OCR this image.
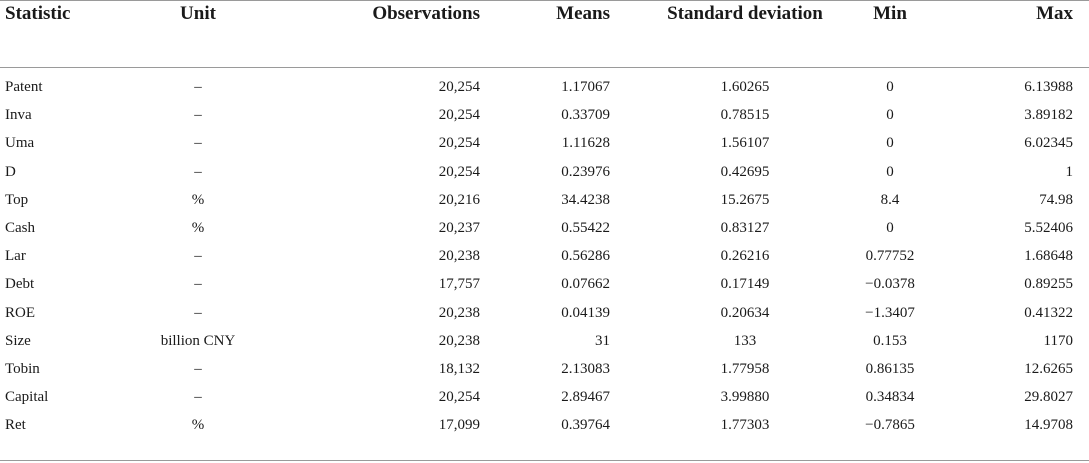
Statistic	Unit	Observations	Means	Standard deviation	Min	Max
Patent	–	20,254	1.17067	1.60265	0	6.13988
Inva	–	20,254	0.33709	0.78515	0	3.89182
Uma	–	20,254	1.11628	1.56107	0	6.02345
D	–	20,254	0.23976	0.42695	0	1
Top	%	20,216	34.4238	15.2675	8.4	74.98
Cash	%	20,237	0.55422	0.83127	0	5.52406
Lar	–	20,238	0.56286	0.26216	0.77752	1.68648
Debt	–	17,757	0.07662	0.17149	−0.0378	0.89255
ROE	–	20,238	0.04139	0.20634	−1.3407	0.41322
Size	billion CNY	20,238	31	133	0.153	1170
Tobin	–	18,132	2.13083	1.77958	0.86135	12.6265
Capital	–	20,254	2.89467	3.99880	0.34834	29.8027
Ret	%	17,099	0.39764	1.77303	−0.7865	14.9708
